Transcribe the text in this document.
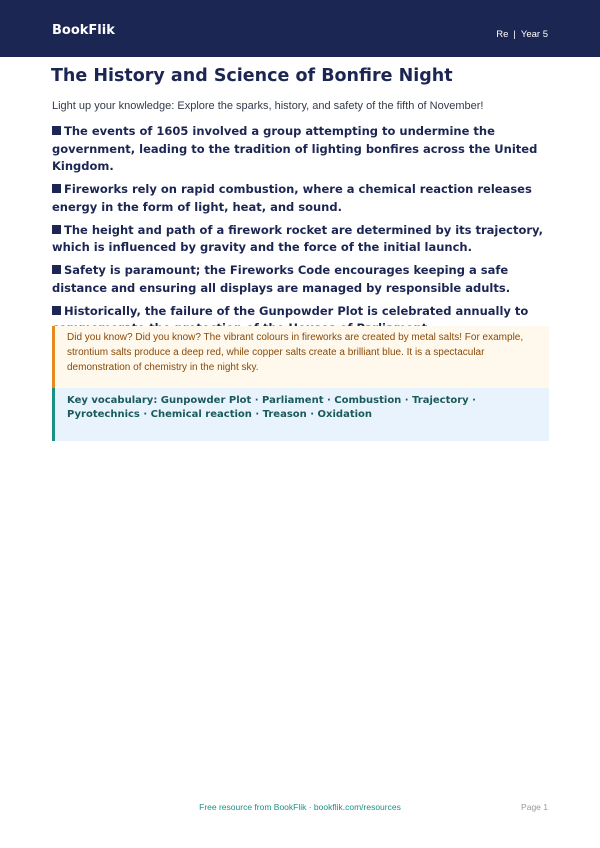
BookFlik	Re | Year 5
The History and Science of Bonfire Night

Light up your knowledge: Explore the sparks, history, and safety of the fifth of November!

The events of 1605 involved a group attempting to undermine the government, leading to the tradition of lighting bonfires across the United Kingdom.
Fireworks rely on rapid combustion, where a chemical reaction releases energy in the form of light, heat, and sound.
The height and path of a firework rocket are determined by its trajectory, which is influenced by gravity and the force of the initial launch.
Safety is paramount; the Fireworks Code encourages keeping a safe distance and ensuring all displays are managed by responsible adults.
Historically, the failure of the Gunpowder Plot is celebrated annually to
Did you know? Did you know? The vibrant colours in fireworks are created by metal salts! For example, strontium salts produce a deep red, while copper salts create a brilliant blue. It is a spectacular demonstration of chemistry in the night sky.
Key vocabulary: Gunpowder Plot · Parliament · Combustion · Trajectory · Pyrotechnics · Chemical reaction · Treason · Oxidation
Free resource from BookFlik · bookflik.com/resources	Page 1
